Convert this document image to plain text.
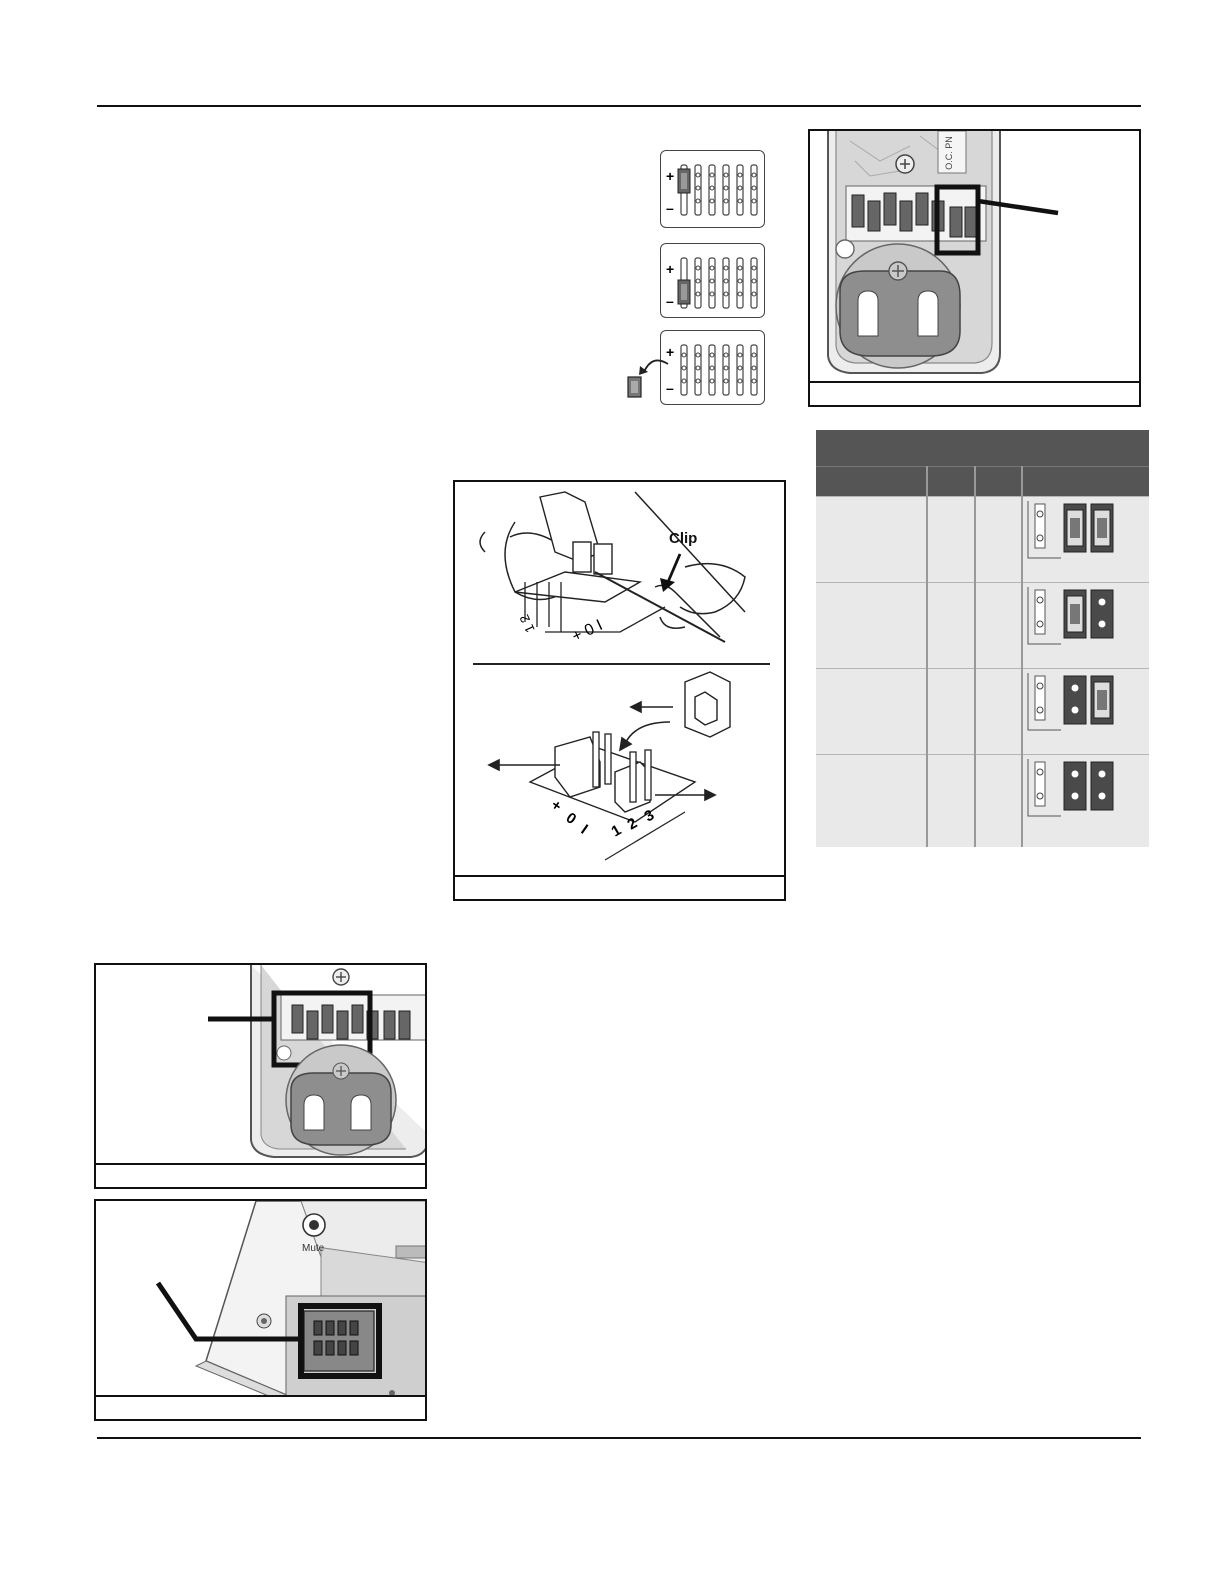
+
–
+
–
+
–
O.C. PN
+ 0 I
1 2
+
0
I 1 2 3
Clip
Mute
